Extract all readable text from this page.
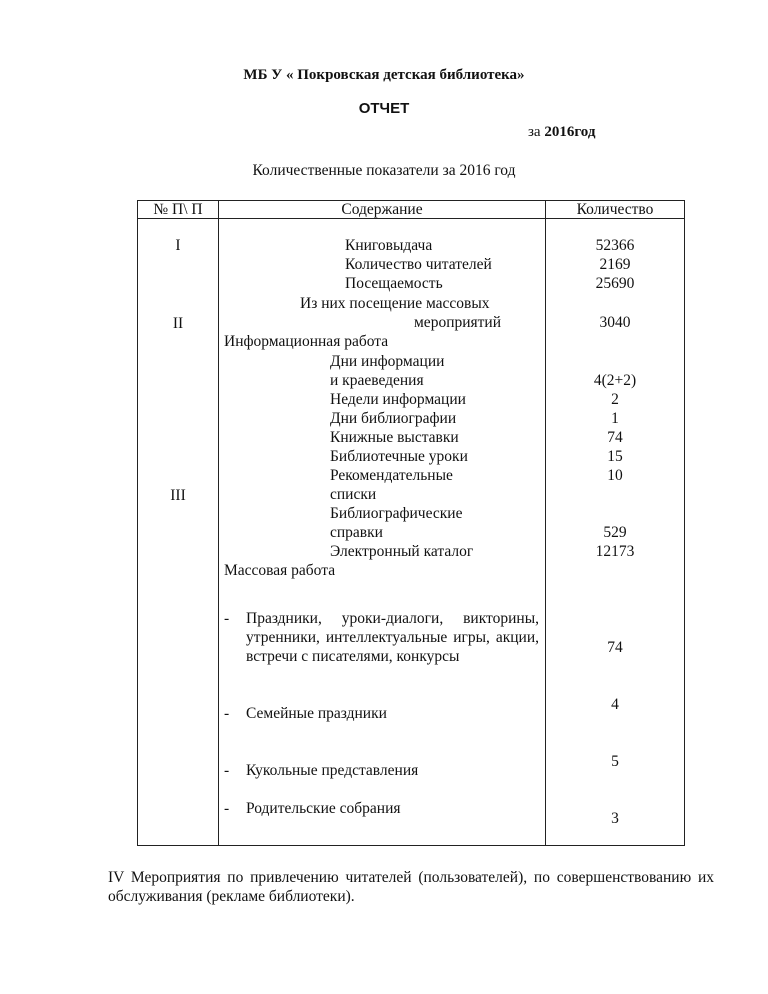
МБ У « Покровская детская библиотека»
ОТЧЕТ
за 2016год
Количественные показатели за 2016 год
№ П\ П	Содержание	Количество
I
II
III
Книговыдача
Количество читателей
Посещаемость
Из них посещение массовых
мероприятий
Информационная работа
Дни информации
и краеведения
Недели информации
Дни библиографии
Книжные выставки
Библиотечные уроки
Рекомендательные
списки
Библиографические
справки
Электронный каталог
Массовая работа
52366
2169
25690
3040
4(2+2)
2
1
74
15
10
529
12173
- Праздники, уроки-диалоги, викторины, утренники, интеллектуальные игры, акции, встречи с писателями, конкурсы
74
- Семейные праздники
4
- Кукольные представления
5
- Родительские собрания
3
IV Мероприятия по привлечению читателей (пользователей), по совершенствованию их обслуживания (рекламе библиотеки).
